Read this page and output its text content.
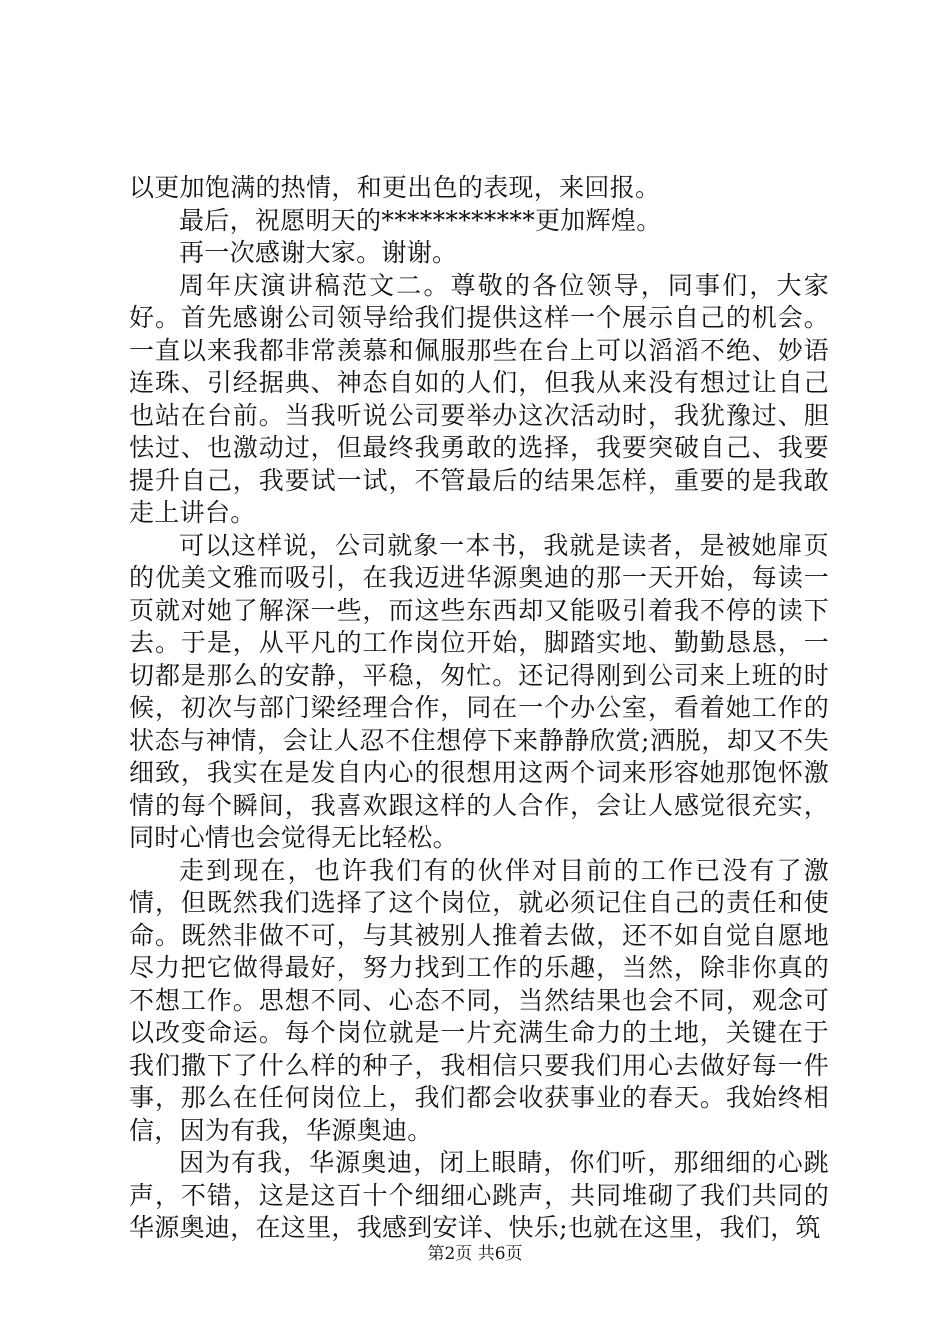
以更加饱满的热情，和更出色的表现，来回报。

最后，祝愿明天的************更加辉煌。

再一次感谢大家。谢谢。

周年庆演讲稿范文二。尊敬的各位领导，同事们，大家好。首先感谢公司领导给我们提供这样一个展示自己的机会。一直以来我都非常羡慕和佩服那些在台上可以滔滔不绝、妙语连珠、引经据典、神态自如的人们，但我从来没有想过让自己也站在台前。当我听说公司要举办这次活动时，我犹豫过、胆怯过、也激动过，但最终我勇敢的选择，我要突破自己、我要提升自己，我要试一试，不管最后的结果怎样，重要的是我敢走上讲台。

可以这样说，公司就象一本书，我就是读者，是被她扉页的优美文雅而吸引，在我迈进华源奥迪的那一天开始，每读一页就对她了解深一些，而这些东西却又能吸引着我不停的读下去。于是，从平凡的工作岗位开始，脚踏实地、勤勤恳恳，一切都是那么的安静，平稳，匆忙。还记得刚到公司来上班的时候，初次与部门梁经理合作，同在一个办公室，看着她工作的状态与神情，会让人忍不住想停下来静静欣赏;洒脱，却又不失细致，我实在是发自内心的很想用这两个词来形容她那饱怀激情的每个瞬间，我喜欢跟这样的人合作，会让人感觉很充实，同时心情也会觉得无比轻松。

走到现在，也许我们有的伙伴对目前的工作已没有了激情，但既然我们选择了这个岗位，就必须记住自己的责任和使命。既然非做不可，与其被别人推着去做，还不如自觉自愿地尽力把它做得最好，努力找到工作的乐趣，当然，除非你真的不想工作。思想不同、心态不同，当然结果也会不同，观念可以改变命运。每个岗位就是一片充满生命力的土地，关键在于我们撒下了什么样的种子，我相信只要我们用心去做好每一件事，那么在任何岗位上，我们都会收获事业的春天。我始终相信，因为有我，华源奥迪。

因为有我，华源奥迪，闭上眼睛，你们听，那细细的心跳声，不错，这是这百十个细细心跳声，共同堆砌了我们共同的华源奥迪，在这里，我感到安详、快乐;也就在这里，我们，筑

第2页 共6页
